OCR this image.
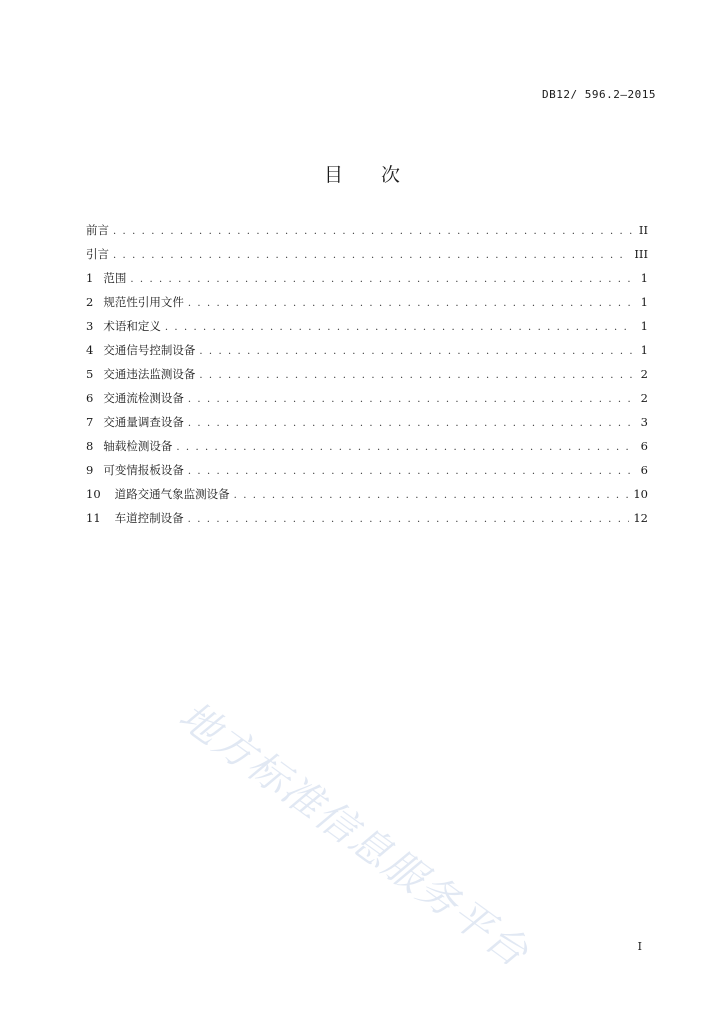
DB12/ 596.2—2015
目 次
前言 . . .	II
引言 . . .	III
1 范围 . . .	1
2 规范性引用文件 . . .	1
3 术语和定义 . . .	1
4 交通信号控制设备 . . .	1
5 交通违法监测设备 . . .	2
6 交通流检测设备 . . .	2
7 交通量调查设备 . . .	3
8 轴载检测设备 . . .	6
9 可变情报板设备 . . .	6
10 道路交通气象监测设备 . . .	10
11 车道控制设备 . . .	12
地方标准信息服务平台	I
